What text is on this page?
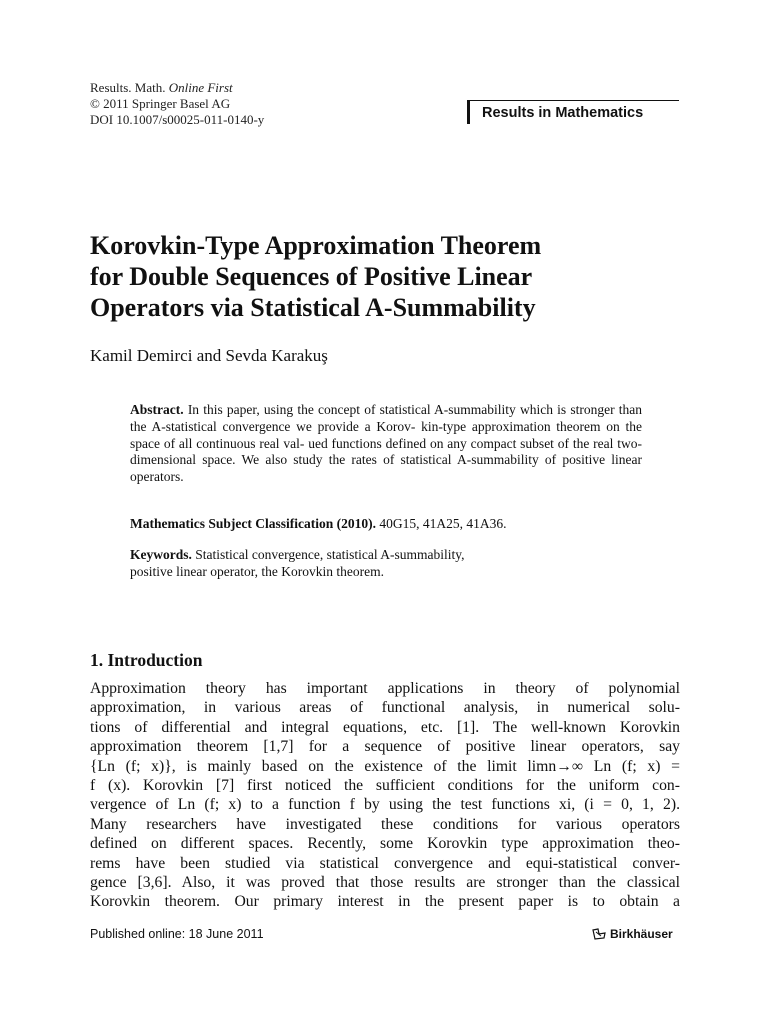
Results. Math. Online First
© 2011 Springer Basel AG
DOI 10.1007/s00025-011-0140-y	Results in Mathematics
Korovkin-Type Approximation Theorem
for Double Sequences of Positive Linear
Operators via Statistical A-Summability
Kamil Demirci and Sevda Karakuş
Abstract. In this paper, using the concept of statistical A-summability which is stronger than the A-statistical convergence we provide a Korov- kin-type approximation theorem on the space of all continuous real val- ued functions defined on any compact subset of the real two-dimensional space. We also study the rates of statistical A-summability of positive linear operators.
Mathematics Subject Classification (2010). 40G15, 41A25, 41A36.
Keywords. Statistical convergence, statistical A-summability,
positive linear operator, the Korovkin theorem.
1. Introduction
Approximation theory has important applications in theory of polynomial
approximation, in various areas of functional analysis, in numerical solu-
tions of differential and integral equations, etc. [1]. The well-known Korovkin
approximation theorem [1,7] for a sequence of positive linear operators, say
{Ln (f; x)}, is mainly based on the existence of the limit limn→∞ Ln (f; x) =
f (x). Korovkin [7] first noticed the sufficient conditions for the uniform con-
vergence of Ln (f; x) to a function f by using the test functions xi, (i = 0, 1, 2).
Many researchers have investigated these conditions for various operators
defined on different spaces. Recently, some Korovkin type approximation theo-
rems have been studied via statistical convergence and equi-statistical conver-
gence [3,6]. Also, it was proved that those results are stronger than the classical
Korovkin theorem. Our primary interest in the present paper is to obtain a
Published online: 18 June 2011	Birkhäuser
